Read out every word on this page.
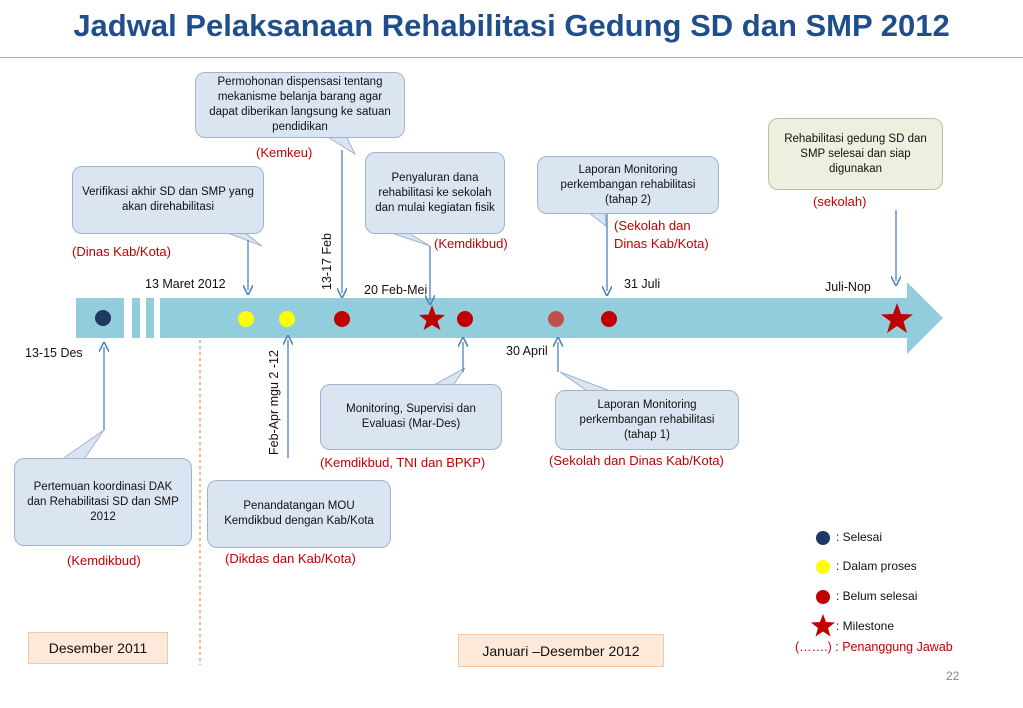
Jadwal Pelaksanaan Rehabilitasi Gedung SD dan SMP 2012
Permohonan dispensasi tentang mekanisme belanja barang agar dapat diberikan langsung ke satuan pendidikan
(Kemkeu)
Verifikasi akhir SD dan SMP yang akan direhabilitasi
(Dinas Kab/Kota)
Penyaluran dana rehabilitasi ke sekolah dan mulai kegiatan fisik
(Kemdikbud)
Laporan Monitoring perkembangan rehabilitasi (tahap 2)
(Sekolah dan Dinas Kab/Kota)
Rehabilitasi gedung SD dan SMP selesai dan siap digunakan
(sekolah)
13 Maret 2012	13-17 Feb 20 Feb-Mei	31 Juli	Juli-Nop
13-15 Des	30 April
Feb-Apr mgu 2 -12	Monitoring, Supervisi dan Evaluasi (Mar-Des)
(Kemdikbud, TNI dan BPKP)
Laporan Monitoring perkembangan rehabilitasi (tahap 1)
(Sekolah dan Dinas Kab/Kota)
Pertemuan koordinasi DAK dan Rehabilitasi SD dan SMP 2012
(Kemdikbud)
Penandatangan MOU Kemdikbud dengan Kab/Kota
(Dikdas dan Kab/Kota)
Desember 2011	Januari –Desember 2012
: Selesai
: Dalam proses
: Belum selesai
: Milestone
(…….) : Penanggung Jawab
22
